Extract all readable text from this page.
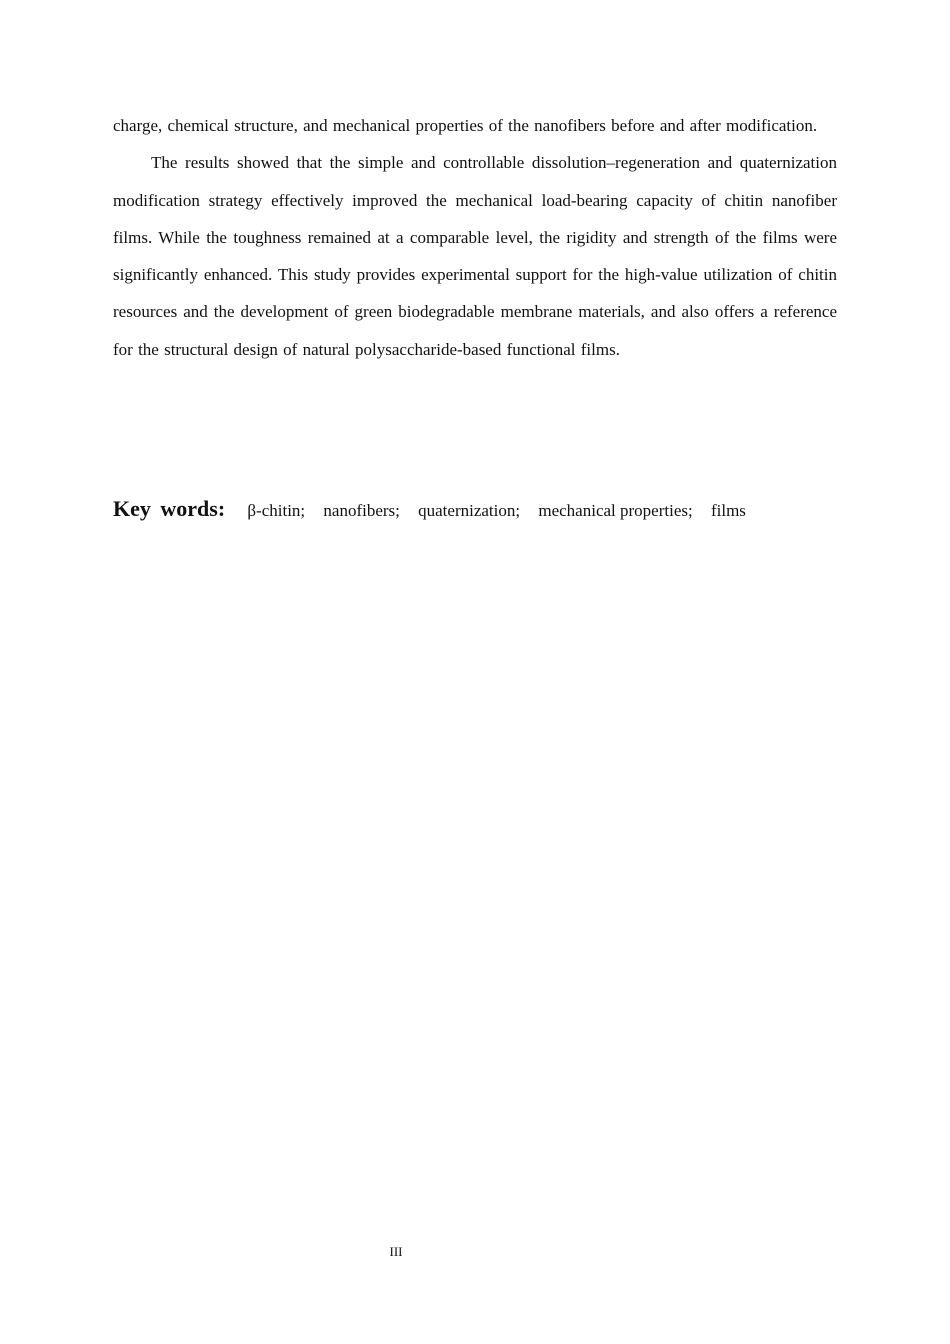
charge, chemical structure, and mechanical properties of the nanofibers before and after modification.

The results showed that the simple and controllable dissolution–regeneration and quaternization modification strategy effectively improved the mechanical load-bearing capacity of chitin nanofiber films. While the toughness remained at a comparable level, the rigidity and strength of the films were significantly enhanced. This study provides experimental support for the high-value utilization of chitin resources and the development of green biodegradable membrane materials, and also offers a reference for the structural design of natural polysaccharide-based functional films.

Key words: β-chitin; nanofibers; quaternization; mechanical properties; films
III
